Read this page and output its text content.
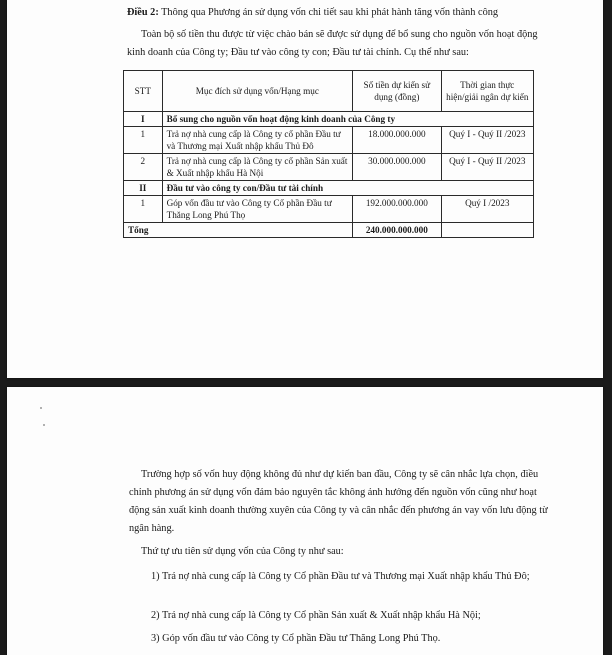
Điều 2: Thông qua Phương án sử dụng vốn chi tiết sau khi phát hành tăng vốn thành công
Toàn bộ số tiền thu được từ việc chào bán sẽ được sử dụng để bổ sung cho nguồn vốn hoạt động kinh doanh của Công ty; Đầu tư vào công ty con; Đầu tư tài chính. Cụ thể như sau:
STT	Mục đích sử dụng vốn/Hạng mục	Số tiền dự kiến sử dụng (đồng)	Thời gian thực hiện/giải ngân dự kiến
I	Bổ sung cho nguồn vốn hoạt động kinh doanh của Công ty		
1	Trả nợ nhà cung cấp là Công ty cổ phần Đầu tư và Thương mại Xuất nhập khẩu Thủ Đô	18.000.000.000	Quý I - Quý II /2023
2	Trả nợ nhà cung cấp là Công ty cổ phần Sản xuất & Xuất nhập khẩu Hà Nội	30.000.000.000	Quý I - Quý II /2023
II	Đầu tư vào công ty con/Đầu tư tài chính		
1	Góp vốn đầu tư vào Công ty Cổ phần Đầu tư Thăng Long Phú Thọ	192.000.000.000	Quý I /2023
Tổng		240.000.000.000	
Trường hợp số vốn huy động không đủ như dự kiến ban đầu, Công ty sẽ cân nhắc lựa chọn, điều chỉnh phương án sử dụng vốn đảm bảo nguyên tắc không ảnh hưởng đến nguồn vốn cũng như hoạt động sản xuất kinh doanh thường xuyên của Công ty và cân nhắc đến phương án vay vốn lưu động từ ngân hàng.
Thứ tự ưu tiên sử dụng vốn của Công ty như sau:
1) Trả nợ nhà cung cấp là Công ty Cổ phần Đầu tư và Thương mại Xuất nhập khẩu Thủ Đô;
2) Trả nợ nhà cung cấp là Công ty Cổ phần Sản xuất & Xuất nhập khẩu Hà Nội;
3) Góp vốn đầu tư vào Công ty Cổ phần Đầu tư Thăng Long Phú Thọ.
